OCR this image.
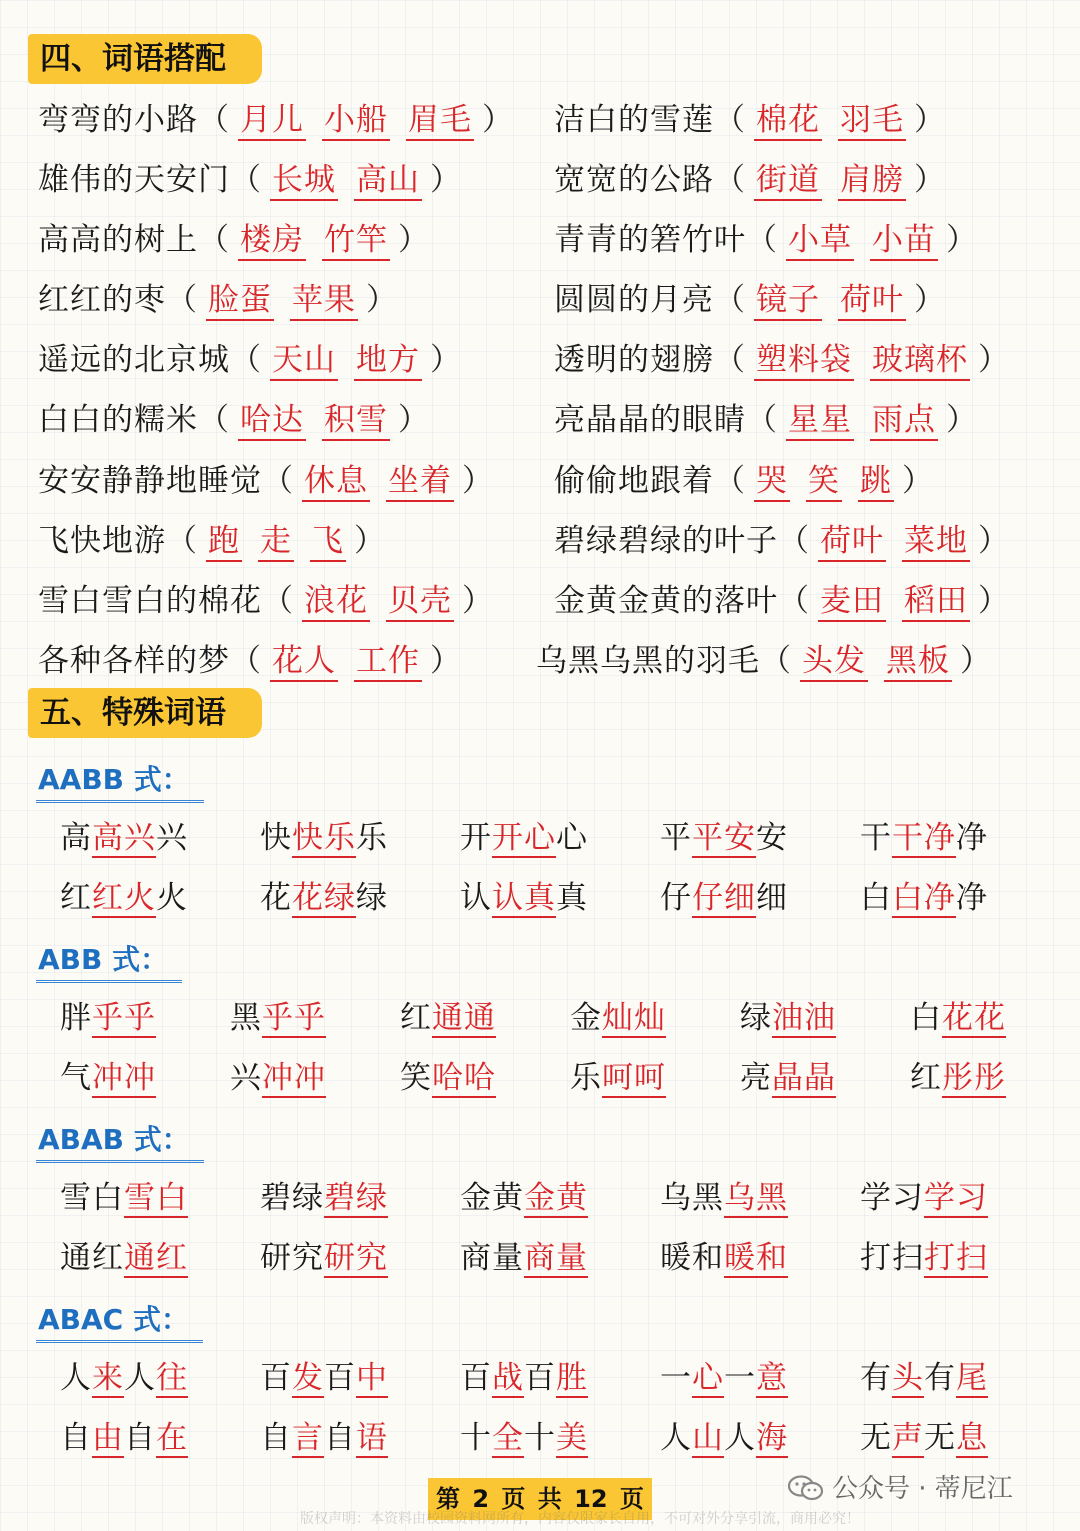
四、词语搭配
弯弯的小路（ 月儿 小船 眉毛 ）	洁白的雪莲（ 棉花 羽毛 ）
雄伟的天安门（ 长城 高山 ）	宽宽的公路（ 街道 肩膀 ）
高高的树上（ 楼房 竹竿 ）	青青的箬竹叶（ 小草 小苗 ）
红红的枣（ 脸蛋 苹果 ）	圆圆的月亮（ 镜子 荷叶 ）
遥远的北京城（ 天山 地方 ）	透明的翅膀（ 塑料袋 玻璃杯 ）
白白的糯米（ 哈达 积雪 ）	亮晶晶的眼睛（ 星星 雨点 ）
安安静静地睡觉（ 休息 坐着 ）	偷偷地跟着（ 哭 笑 跳 ）
飞快地游（ 跑 走 飞 ）	碧绿碧绿的叶子（ 荷叶 菜地 ）
雪白雪白的棉花（ 浪花 贝壳 ）	金黄金黄的落叶（ 麦田 稻田 ）
各种各样的梦（ 花人 工作 ）	乌黑乌黑的羽毛（ 头发 黑板 ）
五、特殊词语
AABB 式：
高高兴兴	快快乐乐	开开心心	平平安安	干干净净
红红火火	花花绿绿	认认真真	仔仔细细	白白净净
ABB 式：
胖乎乎	黑乎乎	红通通	金灿灿	绿油油	白花花
气冲冲	兴冲冲	笑哈哈	乐呵呵	亮晶晶	红彤彤
ABAB 式：
雪白雪白	碧绿碧绿	金黄金黄	乌黑乌黑	学习学习
通红通红	研究研究	商量商量	暖和暖和	打扫打扫
ABAC 式：
人来人往	百发百中	百战百胜	一心一意	有头有尾
自由自在	自言自语	十全十美	人山人海	无声无息
第 2 页 共 12 页	公众号 · 蒂尼江
版权声明：本资料由校园资料网所有，内容仅限家长自用，不可对外分享引流，商用必究！
